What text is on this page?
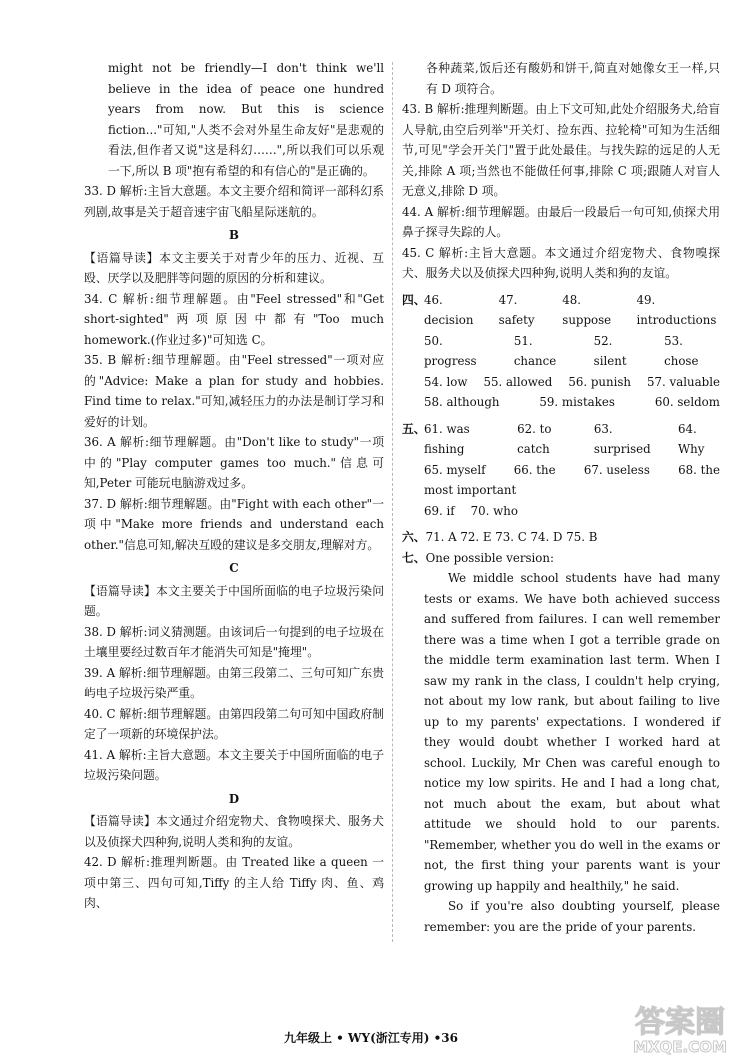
might not be friendly—I don't think we'll believe in the idea of peace one hundred years from now. But this is science fiction..."可知,"人类不会对外星生命友好"是悲观的看法,但作者又说"这是科幻……",所以我们可以乐观一下,所以 B 项"抱有希望的和有信心的"是正确的。
33. D 解析:主旨大意题。本文主要介绍和简评一部科幻系列剧,故事是关于超音速宇宙飞船星际迷航的。
B
【语篇导读】本文主要关于对青少年的压力、近视、互殴、厌学以及肥胖等问题的原因的分析和建议。
34. C 解析:细节理解题。由"Feel stressed"和"Get short-sighted"两项原因中都有"Too much homework.(作业过多)"可知选 C。
35. B 解析:细节理解题。由"Feel stressed"一项对应的"Advice: Make a plan for study and hobbies. Find time to relax."可知,减轻压力的办法是制订学习和爱好的计划。
36. A 解析:细节理解题。由"Don't like to study"一项中的"Play computer games too much."信息可知,Peter 可能玩电脑游戏过多。
37. D 解析:细节理解题。由"Fight with each other"一项中"Make more friends and understand each other."信息可知,解决互殴的建议是多交朋友,理解对方。
C
【语篇导读】本文主要关于中国所面临的电子垃圾污染问题。
38. D 解析:词义猜测题。由该词后一句提到的电子垃圾在土壤里要经过数百年才能消失可知是"掩埋"。
39. A 解析:细节理解题。由第三段第二、三句可知广东贵屿电子垃圾污染严重。
40. C 解析:细节理解题。由第四段第二句可知中国政府制定了一项新的环境保护法。
41. A 解析:主旨大意题。本文主要关于中国所面临的电子垃圾污染问题。
D
【语篇导读】本文通过介绍宠物犬、食物嗅探犬、服务犬以及侦探犬四种狗,说明人类和狗的友谊。
42. D 解析:推理判断题。由 Treated like a queen 一项中第三、四句可知,Tiffy 的主人给 Tiffy 肉、鱼、鸡肉、
各种蔬菜,饭后还有酸奶和饼干,简直对她像女王一样,只有 D 项符合。
43. B 解析:推理判断题。由上下文可知,此处介绍服务犬,给盲人导航,由空后列举"开关灯、捡东西、拉轮椅"可知为生活细节,可见"学会开关门"置于此处最佳。与找失踪的远足的人无关,排除 A 项;当然也不能做任何事,排除 C 项;跟随人对盲人无意义,排除 D 项。
44. A 解析:细节理解题。由最后一段最后一句可知,侦探犬用鼻子探寻失踪的人。
45. C 解析:主旨大意题。本文通过介绍宠物犬、食物嗅探犬、服务犬以及侦探犬四种狗,说明人类和狗的友谊。
四、
46. decision
47. safety
48. suppose
49. introductions
50. progress
51. chance
52. silent
53. chose
54. low 55. allowed 56. punish 57. valuable
58. although	59. mistakes	60. seldom
五、
61. was fishing
62. to catch
63. surprised
64. Why
65. myself 66. the 67. useless 68. the
most important
69. if 70. who
六、 71. A 72. E 73. C 74. D 75. B
七、 One possible version:
We middle school students have had many tests or exams. We have both achieved success and suffered from failures. I can well remember there was a time when I got a terrible grade on the middle term examination last term. When I saw my rank in the class, I couldn't help crying, not about my low rank, but about failing to live up to my parents' expectations. I wondered if they would doubt whether I worked hard at school. Luckily, Mr Chen was careful enough to notice my low spirits. He and I had a long chat, not much about the exam, but about what attitude we should hold to our parents. "Remember, whether you do well in the exams or not, the first thing your parents want is your growing up happily and healthily," he said.
So if you're also doubting yourself, please remember: you are the pride of your parents.
九年级上 • WY(浙江专用) •36	答案圈
MXQE.COM
